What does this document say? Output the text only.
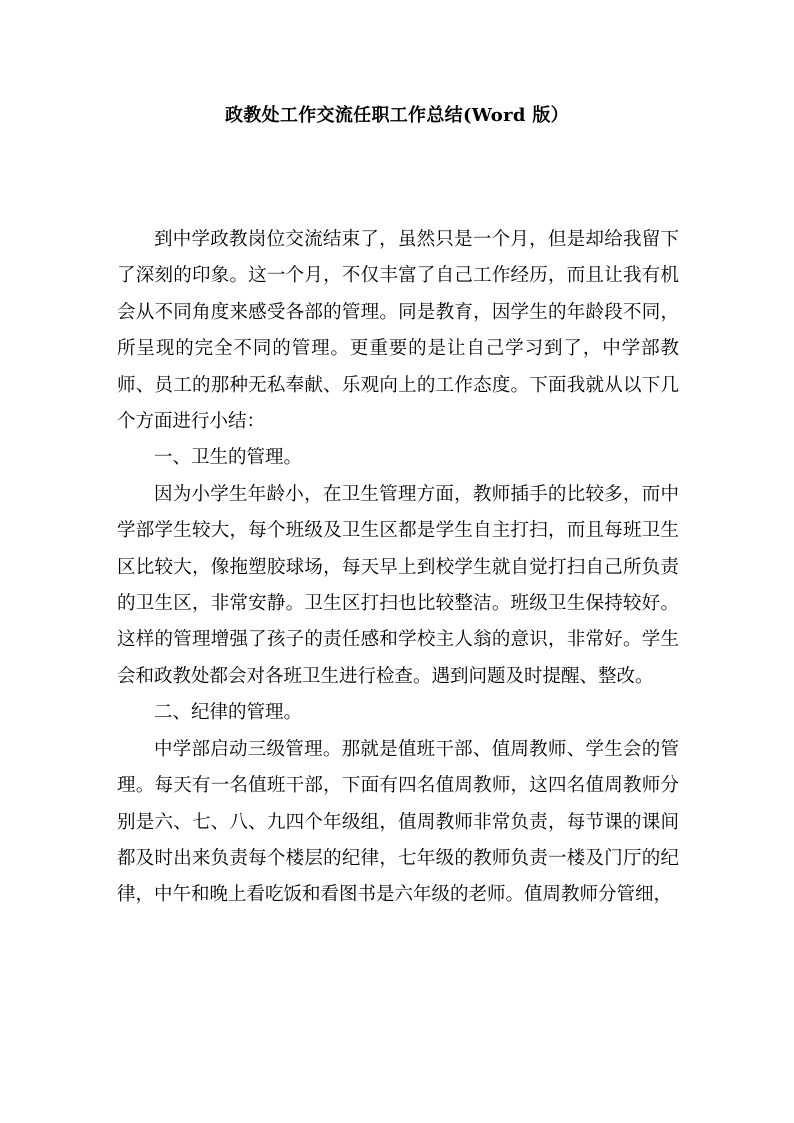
政教处工作交流任职工作总结(Word 版）

到中学政教岗位交流结束了，虽然只是一个月，但是却给我留下了深刻的印象。这一个月，不仅丰富了自己工作经历，而且让我有机会从不同角度来感受各部的管理。同是教育，因学生的年龄段不同，所呈现的完全不同的管理。更重要的是让自己学习到了，中学部教师、员工的那种无私奉献、乐观向上的工作态度。下面我就从以下几个方面进行小结：

一、卫生的管理。

因为小学生年龄小，在卫生管理方面，教师插手的比较多，而中学部学生较大，每个班级及卫生区都是学生自主打扫，而且每班卫生区比较大，像拖塑胶球场，每天早上到校学生就自觉打扫自己所负责的卫生区，非常安静。卫生区打扫也比较整洁。班级卫生保持较好。这样的管理增强了孩子的责任感和学校主人翁的意识，非常好。学生会和政教处都会对各班卫生进行检查。遇到问题及时提醒、整改。

二、纪律的管理。

中学部启动三级管理。那就是值班干部、值周教师、学生会的管理。每天有一名值班干部，下面有四名值周教师，这四名值周教师分别是六、七、八、九四个年级组，值周教师非常负责，每节课的课间都及时出来负责每个楼层的纪律，七年级的教师负责一楼及门厅的纪律，中午和晚上看吃饭和看图书是六年级的老师。值周教师分管细，
